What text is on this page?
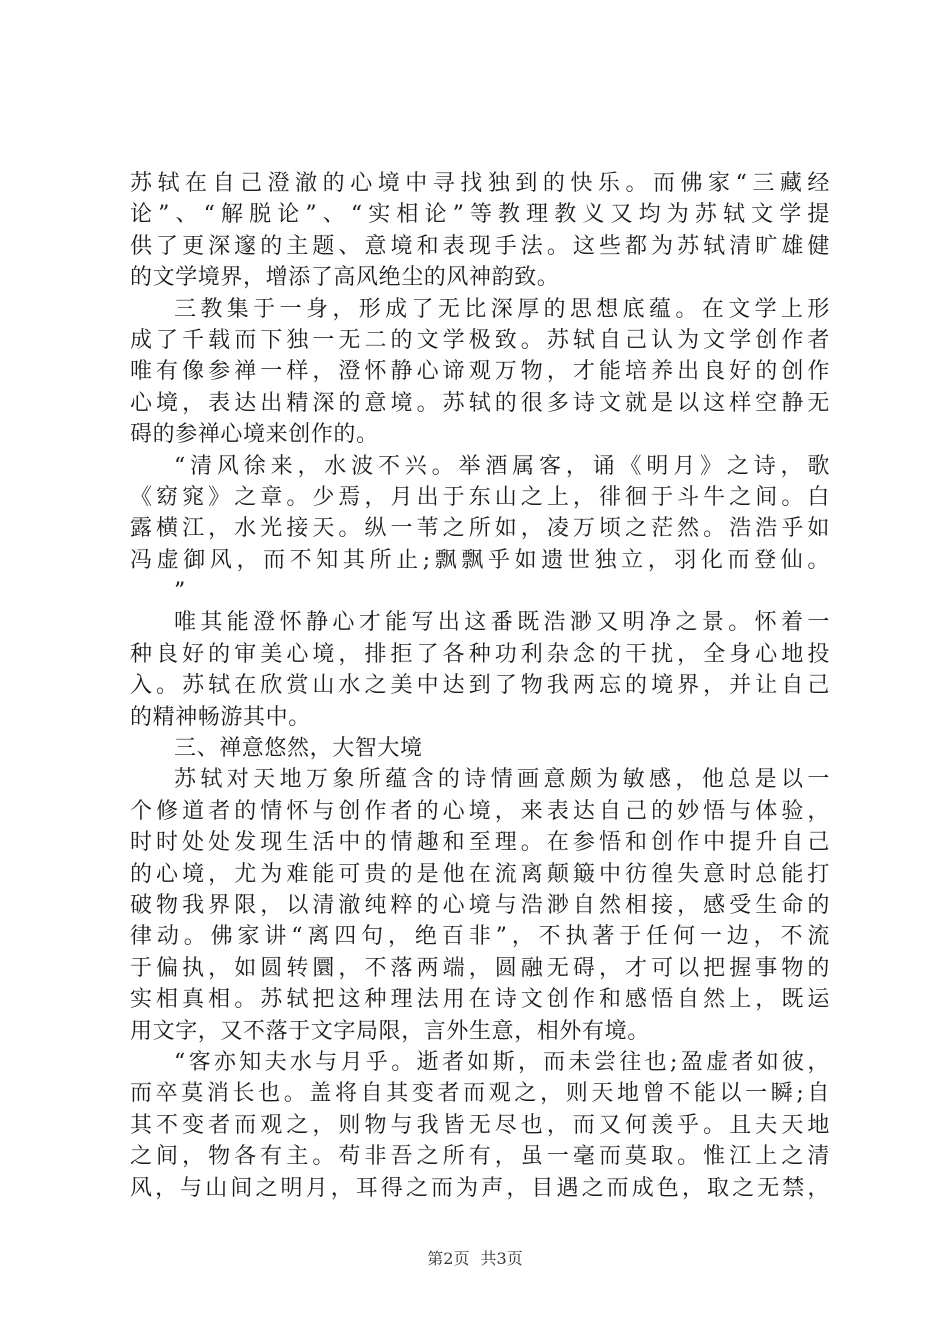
苏轼在自己澄澈的心境中寻找独到的快乐。而佛家“三藏经
论”、“解脱论”、“实相论”等教理教义又均为苏轼文学提
供了更深邃的主题、意境和表现手法。这些都为苏轼清旷雄健
的文学境界，增添了高风绝尘的风神韵致。
三教集于一身，形成了无比深厚的思想底蕴。在文学上形
成了千载而下独一无二的文学极致。苏轼自己认为文学创作者
唯有像参禅一样，澄怀静心谛观万物，才能培养出良好的创作
心境，表达出精深的意境。苏轼的很多诗文就是以这样空静无
碍的参禅心境来创作的。
“清风徐来，水波不兴。举酒属客，诵《明月》之诗，歌
《窈窕》之章。少焉，月出于东山之上，徘徊于斗牛之间。白
露横江，水光接天。纵一苇之所如，凌万顷之茫然。浩浩乎如
冯虚御风，而不知其所止;飘飘乎如遗世独立，羽化而登仙。
”
唯其能澄怀静心才能写出这番既浩渺又明净之景。怀着一
种良好的审美心境，排拒了各种功利杂念的干扰，全身心地投
入。苏轼在欣赏山水之美中达到了物我两忘的境界，并让自己
的精神畅游其中。
三、禅意悠然，大智大境
苏轼对天地万象所蕴含的诗情画意颇为敏感，他总是以一
个修道者的情怀与创作者的心境，来表达自己的妙悟与体验，
时时处处发现生活中的情趣和至理。在参悟和创作中提升自己
的心境，尤为难能可贵的是他在流离颠簸中彷徨失意时总能打
破物我界限，以清澈纯粹的心境与浩渺自然相接，感受生命的
律动。佛家讲“离四句，绝百非”，不执著于任何一边，不流
于偏执，如圆转圜，不落两端，圆融无碍，才可以把握事物的
实相真相。苏轼把这种理法用在诗文创作和感悟自然上，既运
用文字，又不落于文字局限，言外生意，相外有境。
“客亦知夫水与月乎。逝者如斯，而未尝往也;盈虚者如彼，
而卒莫消长也。盖将自其变者而观之，则天地曾不能以一瞬;自
其不变者而观之，则物与我皆无尽也，而又何羡乎。且夫天地
之间，物各有主。苟非吾之所有，虽一毫而莫取。惟江上之清
风，与山间之明月，耳得之而为声，目遇之而成色，取之无禁，
第2页 共3页
